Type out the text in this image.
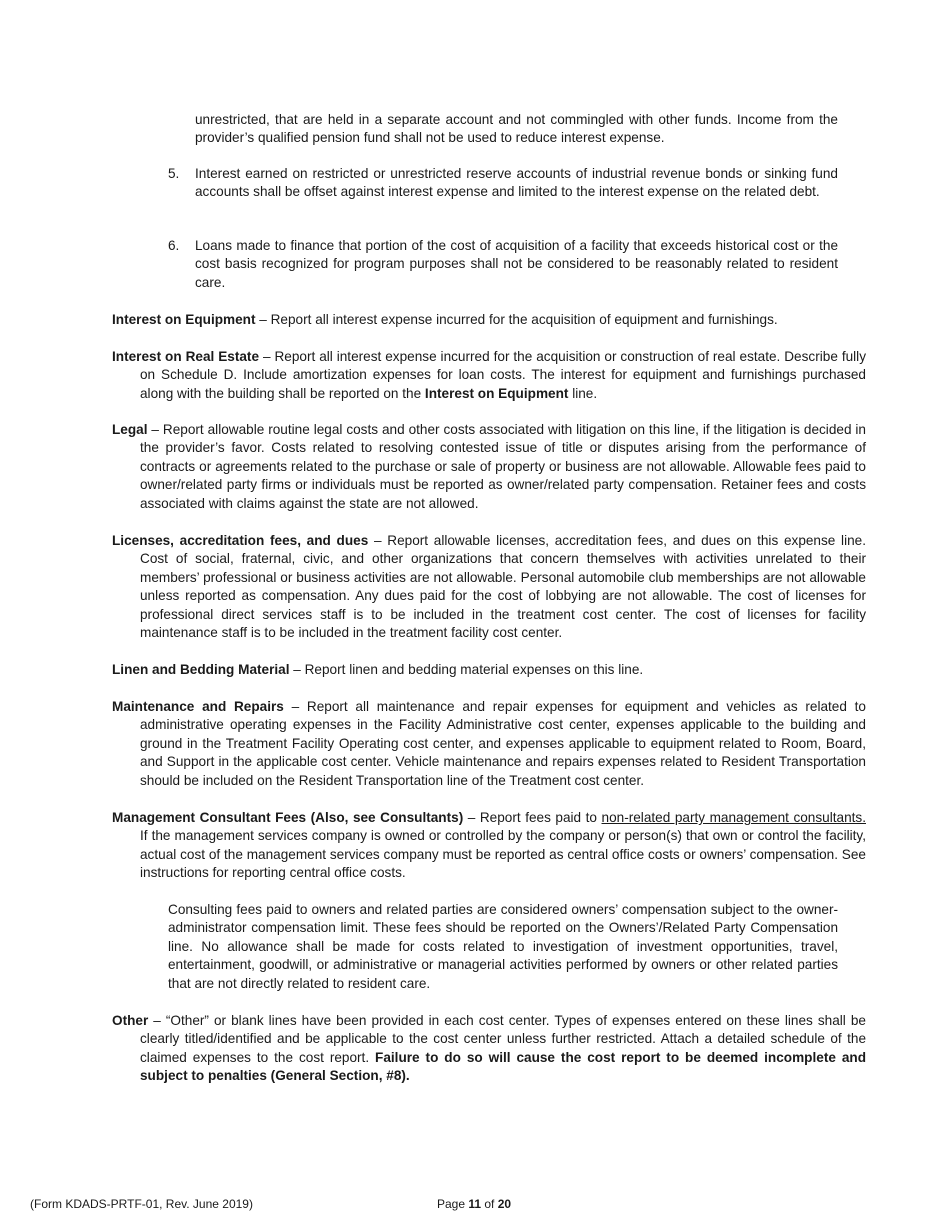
unrestricted, that are held in a separate account and not commingled with other funds. Income from the provider’s qualified pension fund shall not be used to reduce interest expense.
5. Interest earned on restricted or unrestricted reserve accounts of industrial revenue bonds or sinking fund accounts shall be offset against interest expense and limited to the interest expense on the related debt.
6. Loans made to finance that portion of the cost of acquisition of a facility that exceeds historical cost or the cost basis recognized for program purposes shall not be considered to be reasonably related to resident care.
Interest on Equipment – Report all interest expense incurred for the acquisition of equipment and furnishings.
Interest on Real Estate – Report all interest expense incurred for the acquisition or construction of real estate. Describe fully on Schedule D. Include amortization expenses for loan costs. The interest for equipment and furnishings purchased along with the building shall be reported on the Interest on Equipment line.
Legal – Report allowable routine legal costs and other costs associated with litigation on this line, if the litigation is decided in the provider’s favor. Costs related to resolving contested issue of title or disputes arising from the performance of contracts or agreements related to the purchase or sale of property or business are not allowable. Allowable fees paid to owner/related party firms or individuals must be reported as owner/related party compensation. Retainer fees and costs associated with claims against the state are not allowed.
Licenses, accreditation fees, and dues – Report allowable licenses, accreditation fees, and dues on this expense line. Cost of social, fraternal, civic, and other organizations that concern themselves with activities unrelated to their members’ professional or business activities are not allowable. Personal automobile club memberships are not allowable unless reported as compensation. Any dues paid for the cost of lobbying are not allowable. The cost of licenses for professional direct services staff is to be included in the treatment cost center. The cost of licenses for facility maintenance staff is to be included in the treatment facility cost center.
Linen and Bedding Material – Report linen and bedding material expenses on this line.
Maintenance and Repairs – Report all maintenance and repair expenses for equipment and vehicles as related to administrative operating expenses in the Facility Administrative cost center, expenses applicable to the building and ground in the Treatment Facility Operating cost center, and expenses applicable to equipment related to Room, Board, and Support in the applicable cost center. Vehicle maintenance and repairs expenses related to Resident Transportation should be included on the Resident Transportation line of the Treatment cost center.
Management Consultant Fees (Also, see Consultants) – Report fees paid to non-related party management consultants. If the management services company is owned or controlled by the company or person(s) that own or control the facility, actual cost of the management services company must be reported as central office costs or owners’ compensation. See instructions for reporting central office costs.
Consulting fees paid to owners and related parties are considered owners’ compensation subject to the owner-administrator compensation limit. These fees should be reported on the Owners’/Related Party Compensation line. No allowance shall be made for costs related to investigation of investment opportunities, travel, entertainment, goodwill, or administrative or managerial activities performed by owners or other related parties that are not directly related to resident care.
Other – “Other” or blank lines have been provided in each cost center. Types of expenses entered on these lines shall be clearly titled/identified and be applicable to the cost center unless further restricted. Attach a detailed schedule of the claimed expenses to the cost report. Failure to do so will cause the cost report to be deemed incomplete and subject to penalties (General Section, #8).
(Form KDADS-PRTF-01, Rev. June 2019)	Page 11 of 20
